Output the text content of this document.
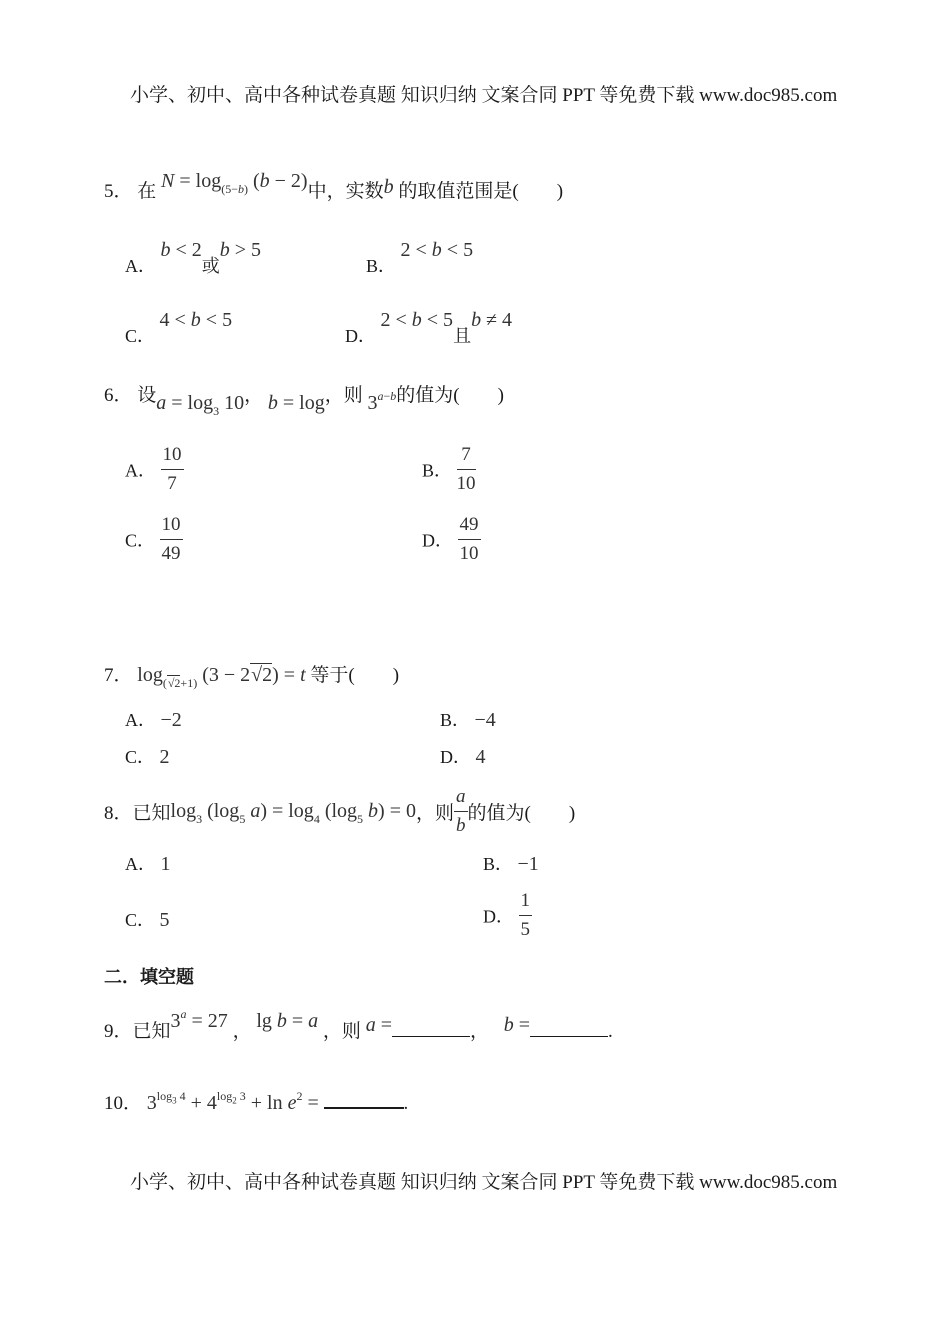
小学、初中、高中各种试卷真题 知识归纳 文案合同 PPT 等免费下载 www.doc985.com
5． 在 $N = \log_{(5-b)} (b - 2)$中，实数b 的取值范围是(　　)
A． b < 2或b > 5
B． 2 < b < 5
C． 4 < b < 5
D． 2 < b < 5且b ≠ 4
6． 设$a = \log_3 10$， b = log，则 $3^{a-b}$的值为(　　)
A． $\frac{10}{7}$	B． $\frac{7}{10}$
C． $\frac{10}{49}$	D． $\frac{49}{10}$
7． $\log_{(√2+1)} (3 - 2√2) = t$ 等于(　　)
A． −2	B． −4
C． 2	D． 4
8．已知$\log_3 (\log_5$ $a) = \log_4 (\log_5$ b) = 0，则 $\frac{a}{b}$ 的值为(　　)
A． 1	B． −1
C． 5	D． $\frac{1}{5}$
二．填空题
9．已知$3^a = 27$ ， lg b = a ，则 a =	， b =	.
10． $3^{log_3 4} + 4^{log_2 3} + \ln e^2$ =	.
小学、初中、高中各种试卷真题 知识归纳 文案合同 PPT 等免费下载 www.doc985.com
